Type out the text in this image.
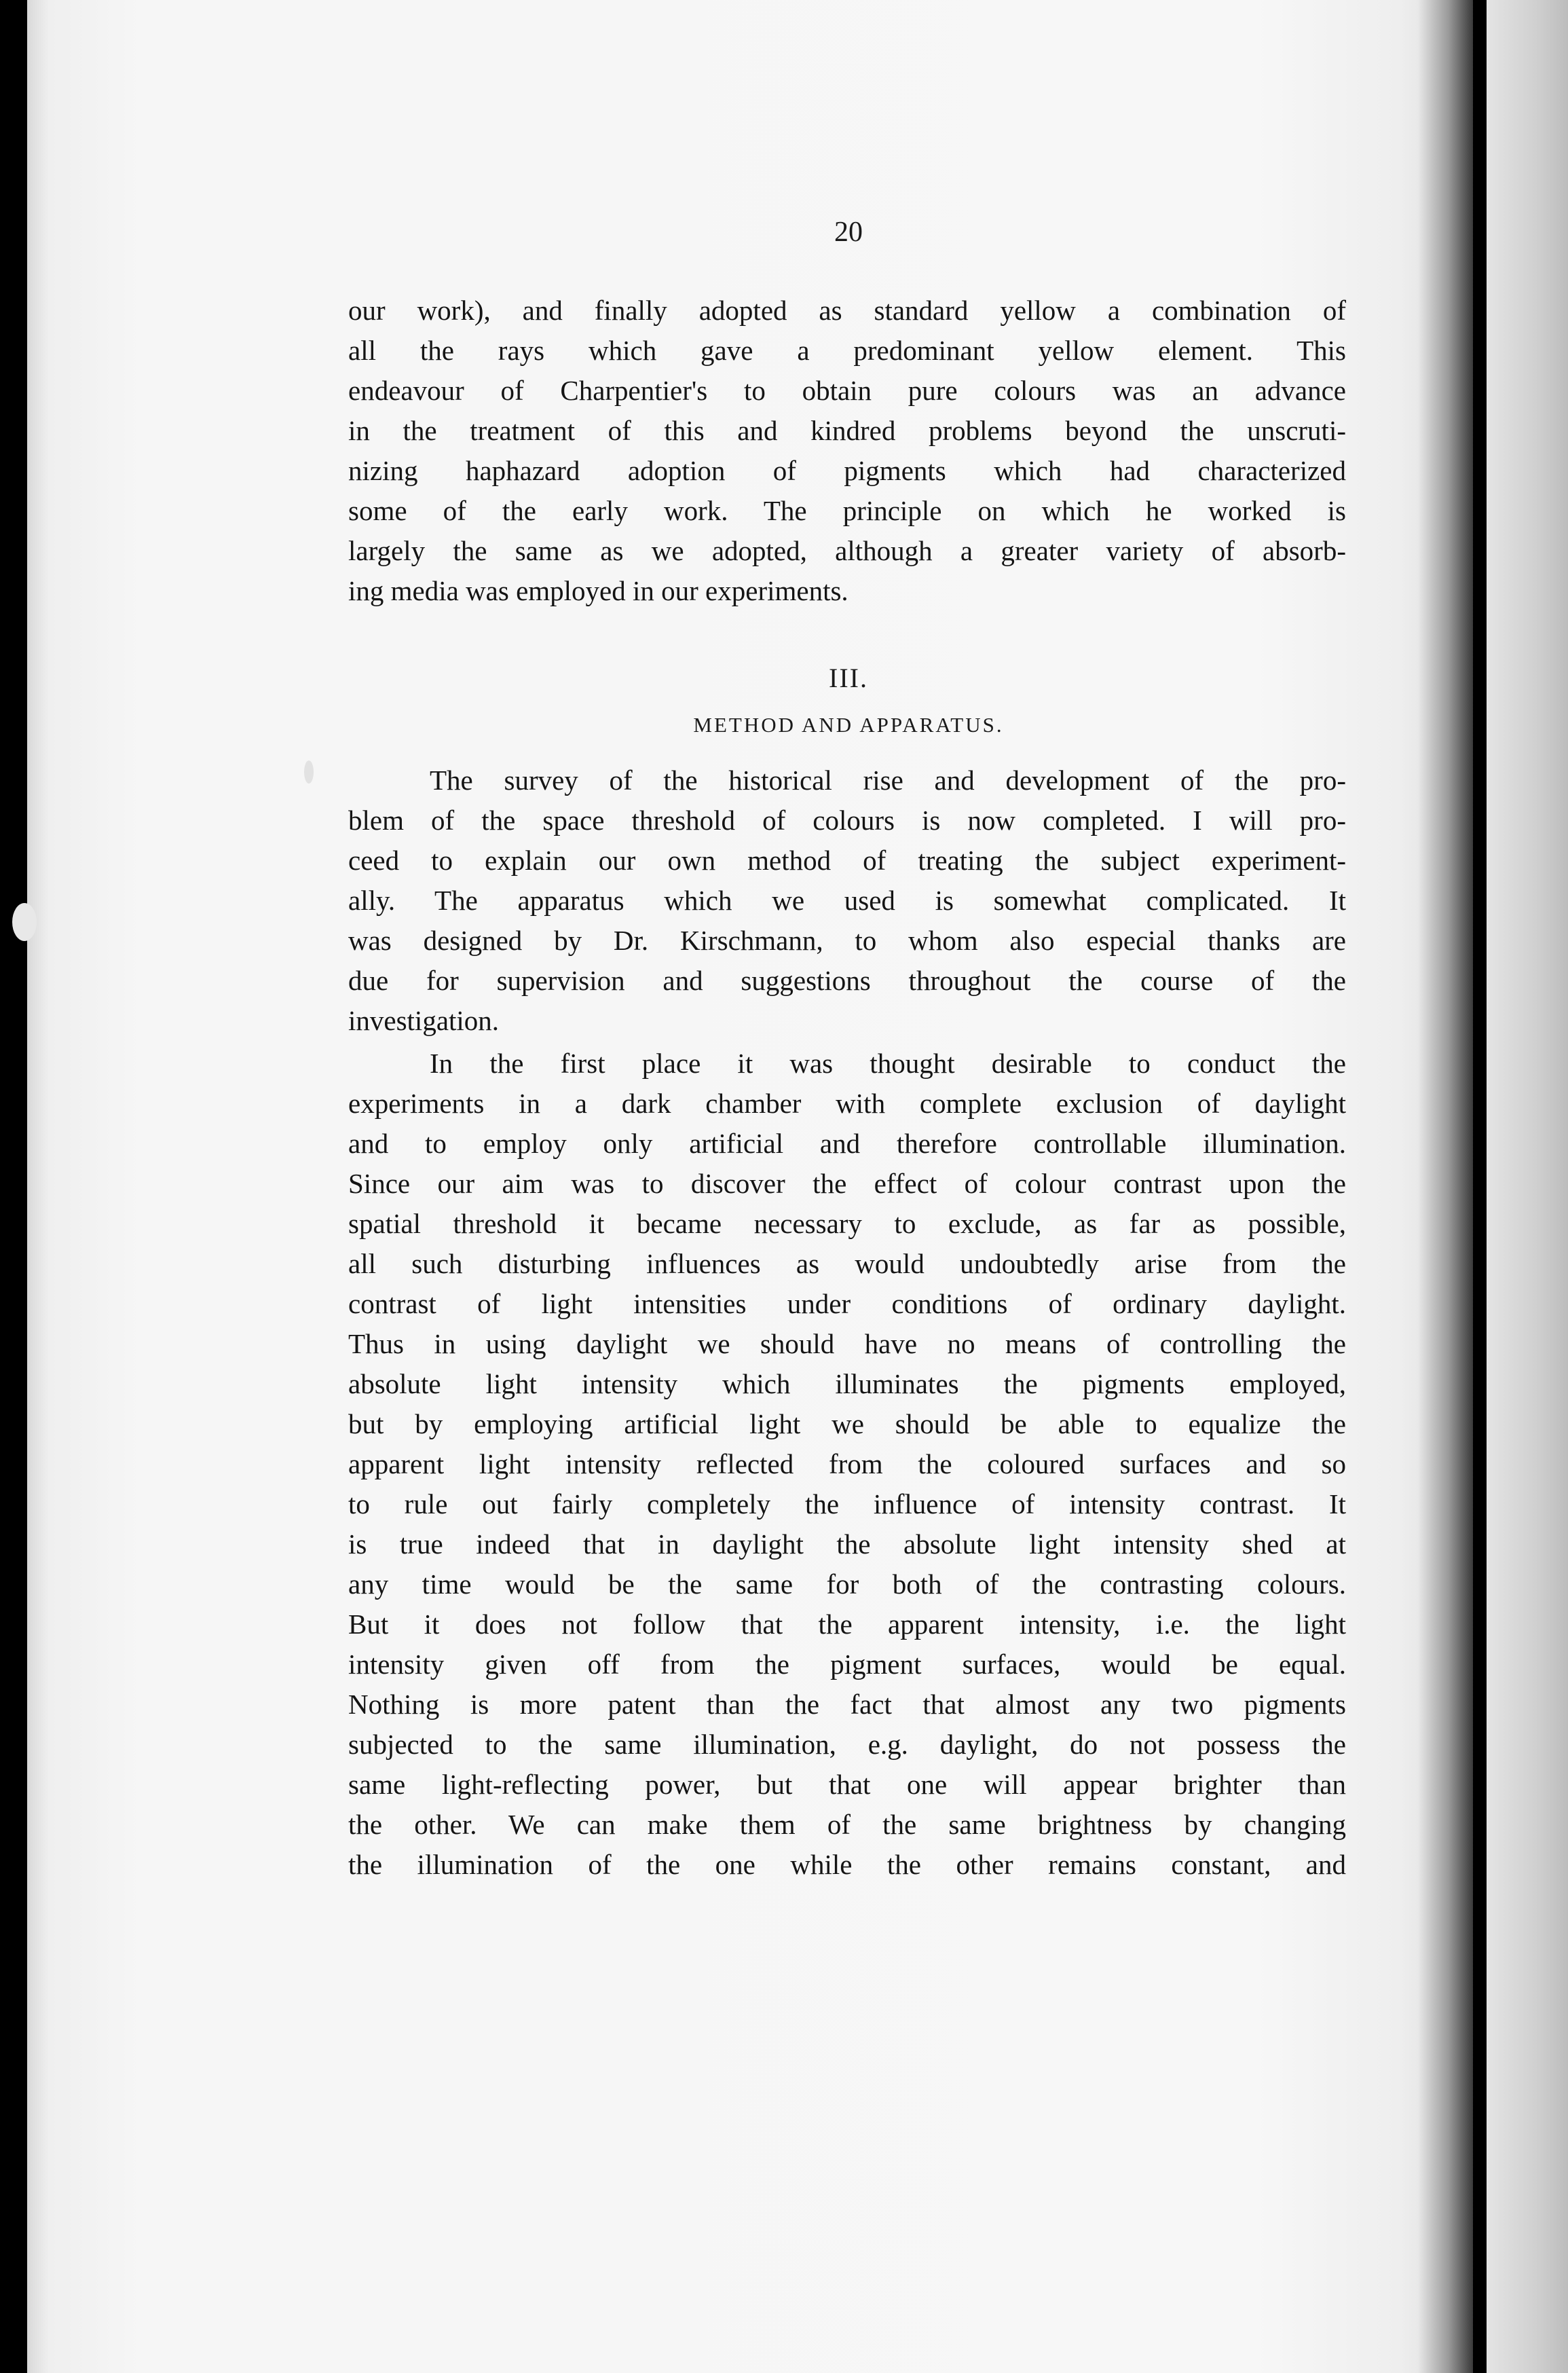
20
our work), and finally adopted as standard yellow a combination of
all the rays which gave a predominant yellow element. This
endeavour of Charpentier's to obtain pure colours was an advance
in the treatment of this and kindred problems beyond the unscruti-
nizing haphazard adoption of pigments which had characterized
some of the early work. The principle on which he worked is
largely the same as we adopted, although a greater variety of absorb-
ing media was employed in our experiments.
III.
METHOD AND APPARATUS.
The survey of the historical rise and development of the pro-
blem of the space threshold of colours is now completed. I will pro-
ceed to explain our own method of treating the subject experiment-
ally. The apparatus which we used is somewhat complicated. It
was designed by Dr. Kirschmann, to whom also especial thanks are
due for supervision and suggestions throughout the course of the
investigation.
In the first place it was thought desirable to conduct the
experiments in a dark chamber with complete exclusion of daylight
and to employ only artificial and therefore controllable illumination.
Since our aim was to discover the effect of colour contrast upon the
spatial threshold it became necessary to exclude, as far as possible,
all such disturbing influences as would undoubtedly arise from the
contrast of light intensities under conditions of ordinary daylight.
Thus in using daylight we should have no means of controlling the
absolute light intensity which illuminates the pigments employed,
but by employing artificial light we should be able to equalize the
apparent light intensity reflected from the coloured surfaces and so
to rule out fairly completely the influence of intensity contrast. It
is true indeed that in daylight the absolute light intensity shed at
any time would be the same for both of the contrasting colours.
But it does not follow that the apparent intensity, i.e. the light
intensity given off from the pigment surfaces, would be equal.
Nothing is more patent than the fact that almost any two pigments
subjected to the same illumination, e.g. daylight, do not possess the
same light-reflecting power, but that one will appear brighter than
the other. We can make them of the same brightness by changing
the illumination of the one while the other remains constant, and
